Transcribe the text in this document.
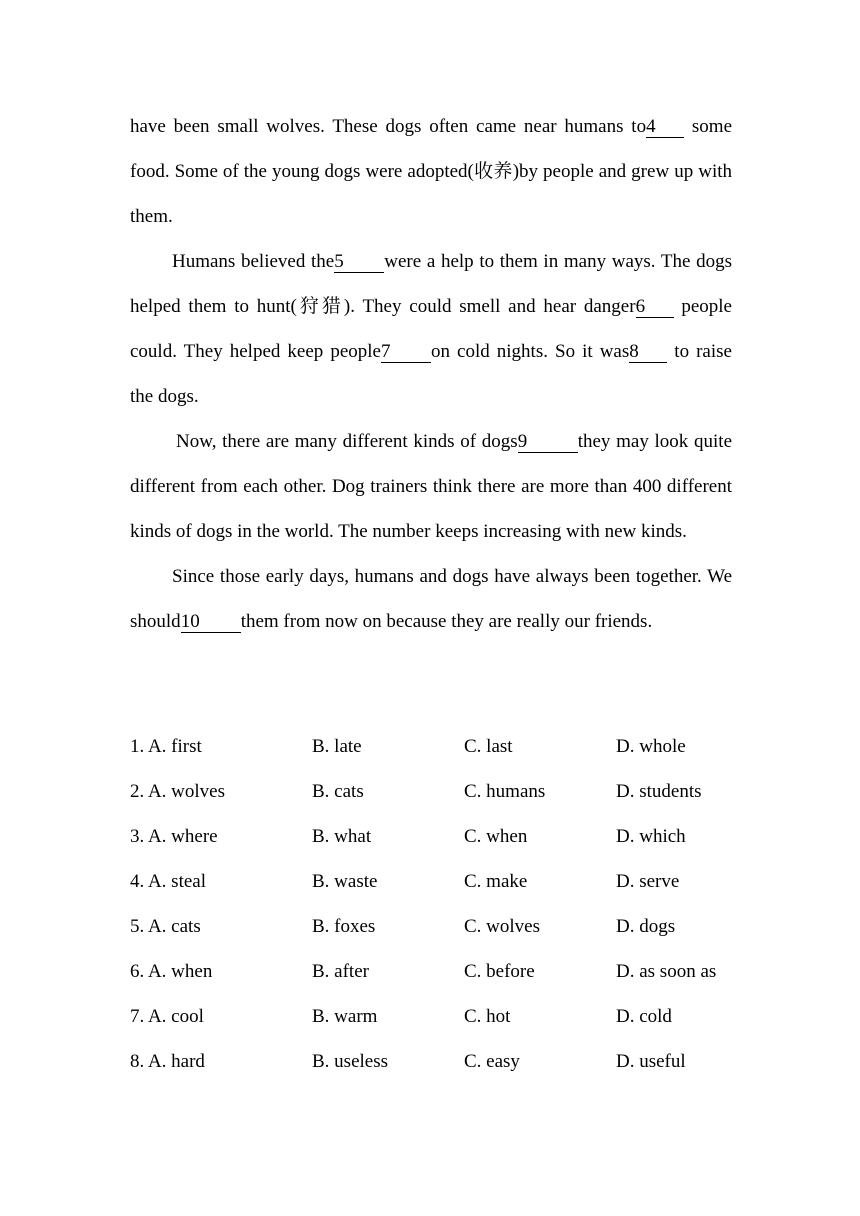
have been small wolves. These dogs often came near humans to4 some food. Some of the young dogs were adopted(收养)by people and grew up with them.

Humans believed the5 were a help to them in many ways. The dogs helped them to hunt(狩猎). They could smell and hear danger6 people could. They helped keep people7 on cold nights. So it was8 to raise the dogs.

Now, there are many different kinds of dogs9	they may look quite different from each other. Dog trainers think there are more than 400 different kinds of dogs in the world. The number keeps increasing with new kinds.

Since those early days, humans and dogs have always been together. We should10 them from now on because they are really our friends.

1. A. first	B. late	C. last	D. whole
2. A. wolves	B. cats	C. humans	D. students
3. A. where	B. what	C. when	D. which
4. A. steal	B. waste	C. make	D. serve
5. A. cats	B. foxes	C. wolves	D. dogs
6. A. when	B. after	C. before	D. as soon as
7. A. cool	B. warm	C. hot	D. cold
8. A. hard	B. useless	C. easy	D. useful
